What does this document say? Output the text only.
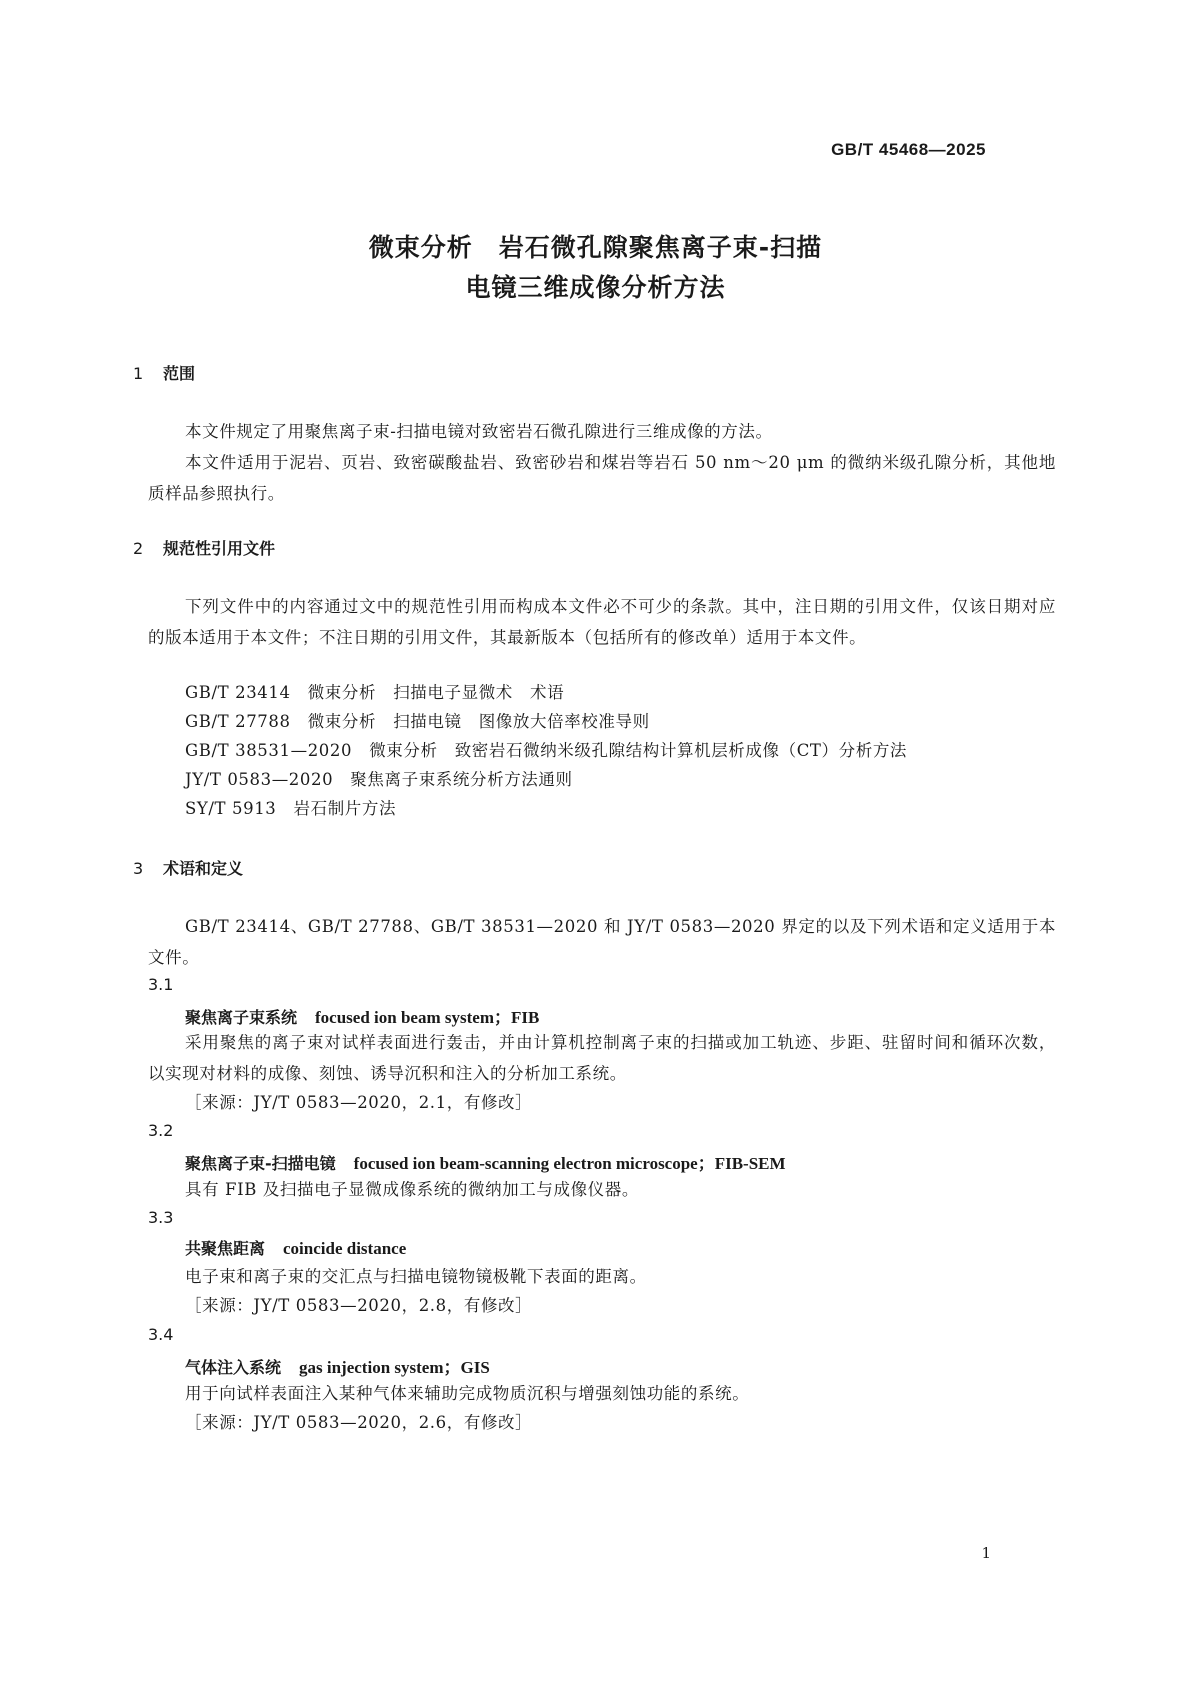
GB/T 45468—2025
微束分析　岩石微孔隙聚焦离子束-扫描
电镜三维成像分析方法
1 范围
本文件规定了用聚焦离子束-扫描电镜对致密岩石微孔隙进行三维成像的方法。
本文件适用于泥岩、页岩、致密碳酸盐岩、致密砂岩和煤岩等岩石 50 nm～20 μm 的微纳米级孔隙分析，其他地质样品参照执行。
2 规范性引用文件
下列文件中的内容通过文中的规范性引用而构成本文件必不可少的条款。其中，注日期的引用文件，仅该日期对应的版本适用于本文件；不注日期的引用文件，其最新版本（包括所有的修改单）适用于本文件。
GB/T 23414　微束分析　扫描电子显微术　术语
GB/T 27788　微束分析　扫描电镜　图像放大倍率校准导则
GB/T 38531—2020　微束分析　致密岩石微纳米级孔隙结构计算机层析成像（CT）分析方法
JY/T 0583—2020　聚焦离子束系统分析方法通则
SY/T 5913　岩石制片方法
3 术语和定义
GB/T 23414、GB/T 27788、GB/T 38531—2020 和 JY/T 0583—2020 界定的以及下列术语和定义适用于本文件。
3.1
聚焦离子束系统 focused ion beam system；FIB
采用聚焦的离子束对试样表面进行轰击，并由计算机控制离子束的扫描或加工轨迹、步距、驻留时间和循环次数，以实现对材料的成像、刻蚀、诱导沉积和注入的分析加工系统。
［来源：JY/T 0583—2020，2.1，有修改］
3.2
聚焦离子束-扫描电镜 focused ion beam-scanning electron microscope；FIB-SEM
具有 FIB 及扫描电子显微成像系统的微纳加工与成像仪器。
3.3
共聚焦距离 coincide distance
电子束和离子束的交汇点与扫描电镜物镜极靴下表面的距离。
［来源：JY/T 0583—2020，2.8，有修改］
3.4
气体注入系统 gas injection system；GIS
用于向试样表面注入某种气体来辅助完成物质沉积与增强刻蚀功能的系统。
［来源：JY/T 0583—2020，2.6，有修改］
1
